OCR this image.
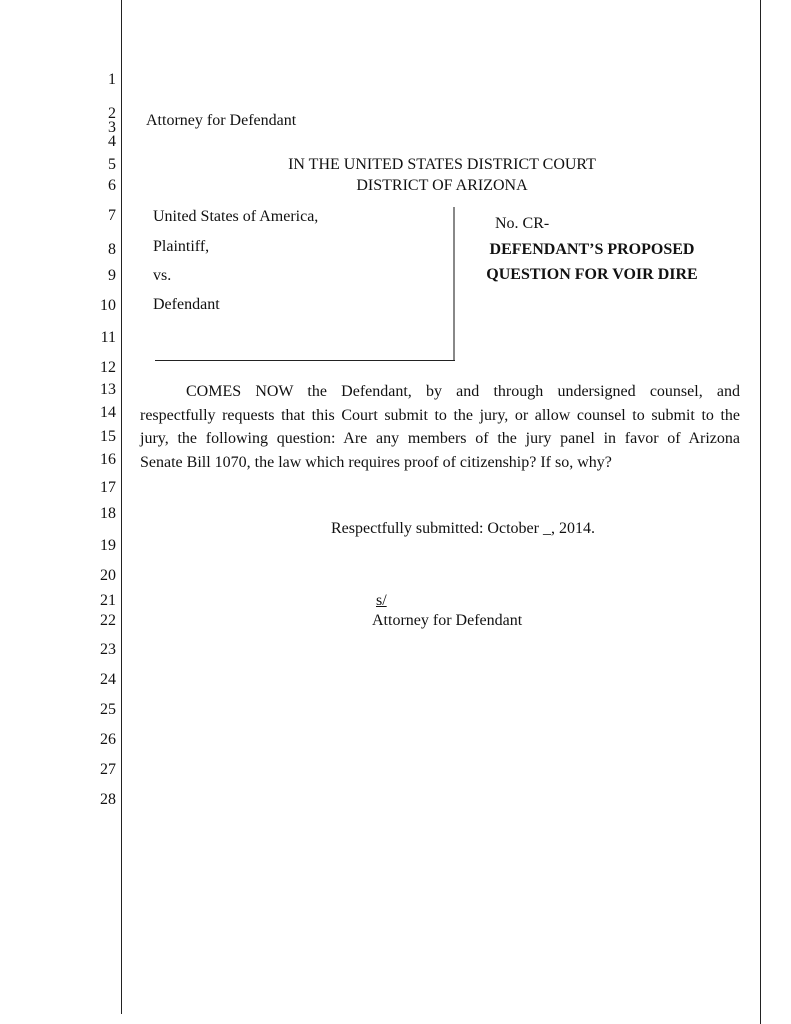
1
2
3
4
5
6
7
8
9
10
11
12
13
14
15
16
17
18
19
20
21
22
23
24
25
26
27
28
Attorney for Defendant
IN THE UNITED STATES DISTRICT COURT
DISTRICT OF ARIZONA
United States of America,
Plaintiff,
vs.
Defendant
No. CR-
DEFENDANT’S PROPOSED
QUESTION FOR VOIR DIRE
COMES NOW the Defendant, by and through undersigned counsel, and
respectfully requests that this Court submit to the jury, or allow counsel to submit to the
jury, the following question: Are any members of the jury panel in favor of Arizona
Senate Bill 1070, the law which requires proof of citizenship? If so, why?
Respectfully submitted: October _, 2014.
s/
Attorney for Defendant
